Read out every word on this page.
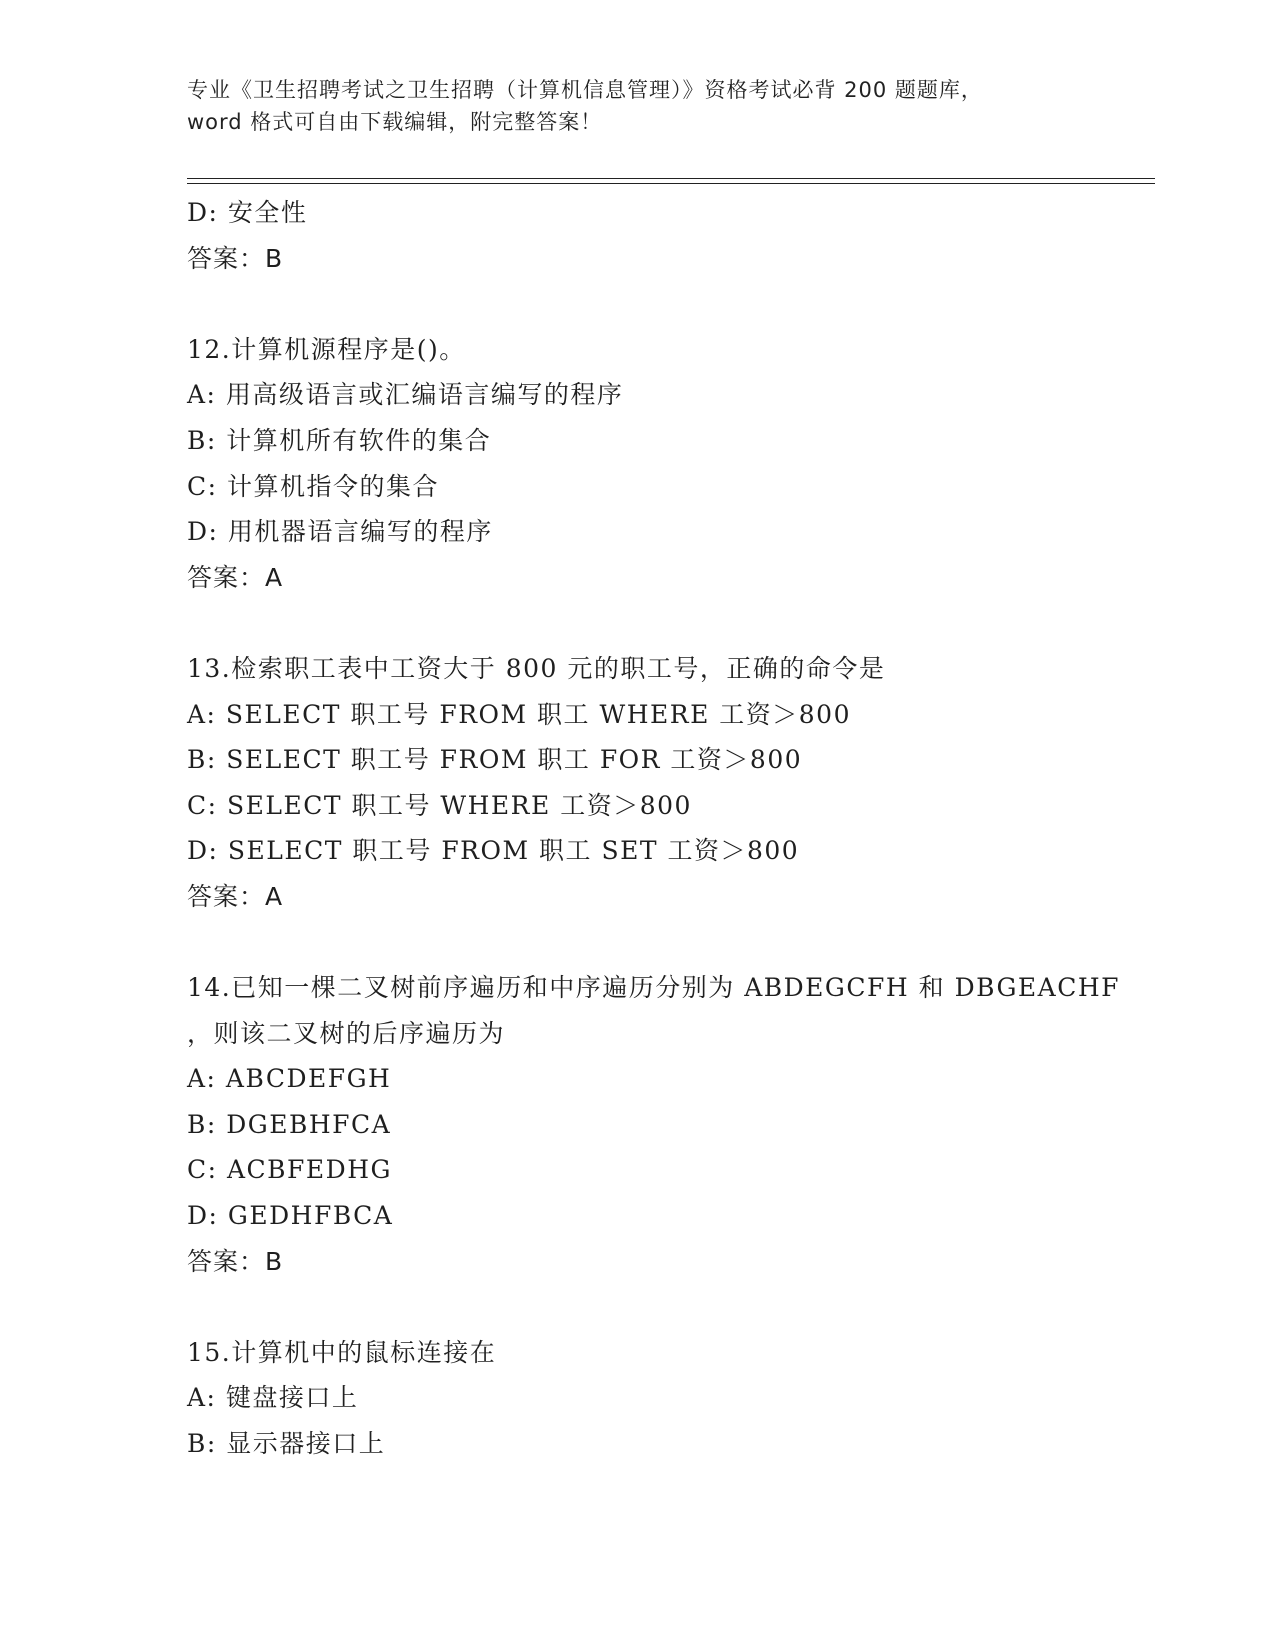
专业《卫生招聘考试之卫生招聘（计算机信息管理）》资格考试必背 200 题题库，
word 格式可自由下载编辑，附完整答案！
D: 安全性
答案：B
12.计算机源程序是()。
A: 用高级语言或汇编语言编写的程序
B: 计算机所有软件的集合
C: 计算机指令的集合
D: 用机器语言编写的程序
答案：A
13.检索职工表中工资大于 800 元的职工号，正确的命令是
A: SELECT 职工号 FROM 职工 WHERE 工资＞800
B: SELECT 职工号 FROM 职工 FOR 工资＞800
C: SELECT 职工号 WHERE 工资＞800
D: SELECT 职工号 FROM 职工 SET 工资＞800
答案：A
14.已知一棵二叉树前序遍历和中序遍历分别为 ABDEGCFH 和 DBGEACHF
，则该二叉树的后序遍历为
A: ABCDEFGH
B: DGEBHFCA
C: ACBFEDHG
D: GEDHFBCA
答案：B
15.计算机中的鼠标连接在
A: 键盘接口上
B: 显示器接口上
